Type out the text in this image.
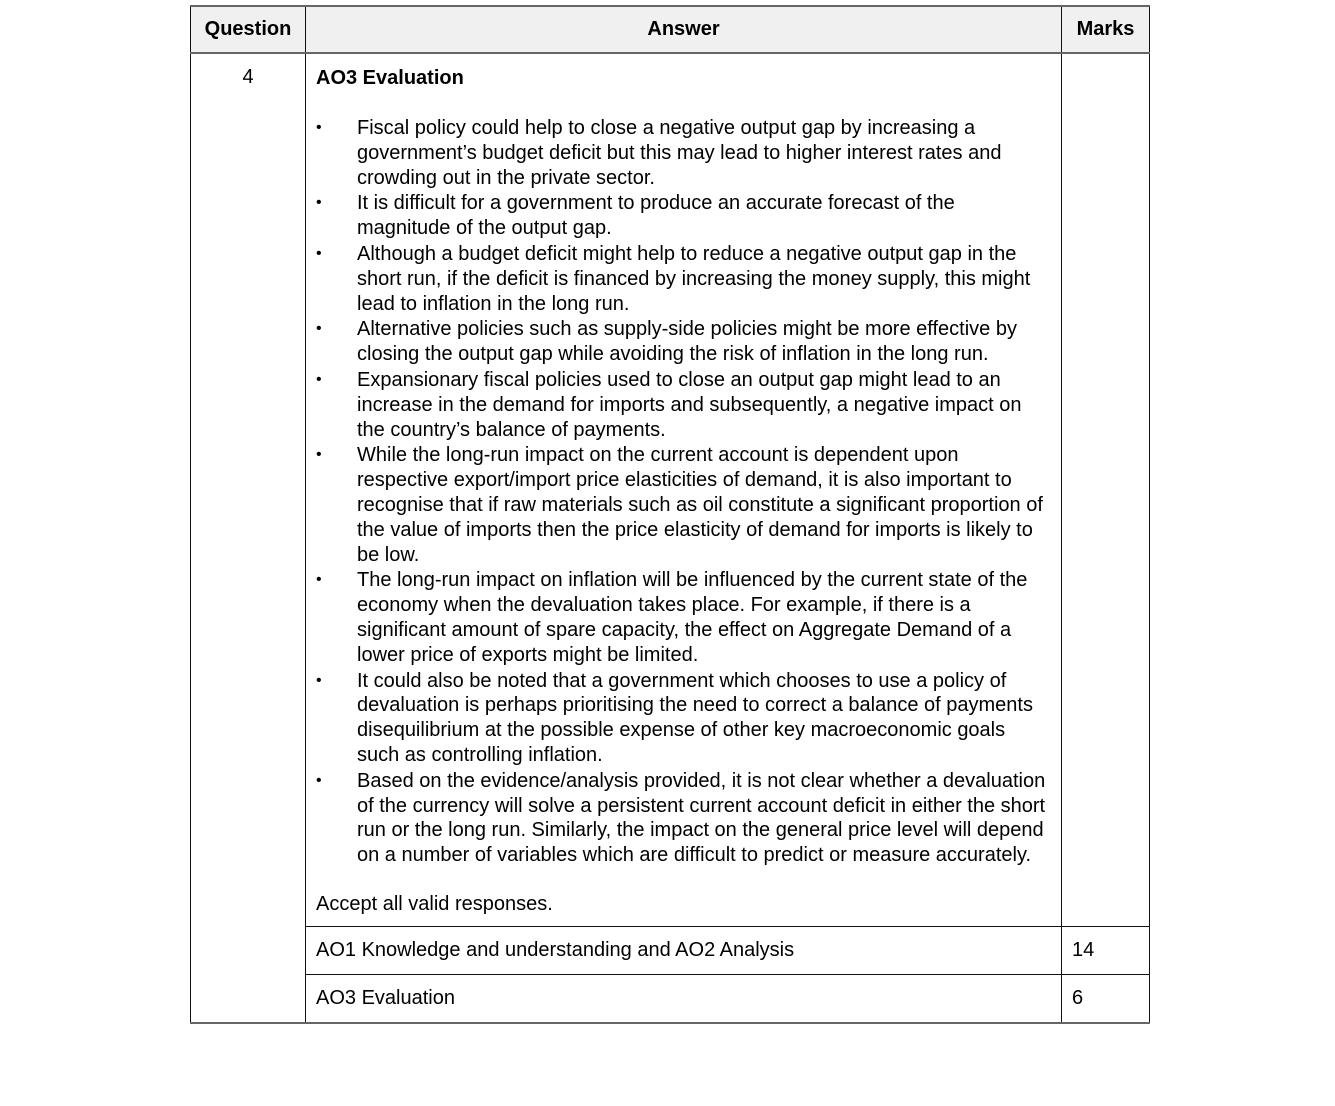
Question	Answer	Marks
4	AO3 Evaluation
•	Fiscal policy could help to close a negative output gap by increasing a government’s budget deficit but this may lead to higher interest rates and crowding out in the private sector.
•	It is difficult for a government to produce an accurate forecast of the magnitude of the output gap.
•	Although a budget deficit might help to reduce a negative output gap in the short run, if the deficit is financed by increasing the money supply, this might lead to inflation in the long run.
•	Alternative policies such as supply-side policies might be more effective by closing the output gap while avoiding the risk of inflation in the long run.
•	Expansionary fiscal policies used to close an output gap might lead to an increase in the demand for imports and subsequently, a negative impact on the country’s balance of payments.
•	While the long-run impact on the current account is dependent upon respective export/import price elasticities of demand, it is also important to recognise that if raw materials such as oil constitute a significant proportion of the value of imports then the price elasticity of demand for imports is likely to be low.
•	The long-run impact on inflation will be influenced by the current state of the economy when the devaluation takes place. For example, if there is a significant amount of spare capacity, the effect on Aggregate Demand of a lower price of exports might be limited.
•	It could also be noted that a government which chooses to use a policy of devaluation is perhaps prioritising the need to correct a balance of payments disequilibrium at the possible expense of other key macroeconomic goals such as controlling inflation.
•	Based on the evidence/analysis provided, it is not clear whether a devaluation of the currency will solve a persistent current account deficit in either the short run or the long run. Similarly, the impact on the general price level will depend on a number of variables which are difficult to predict or measure accurately.
Accept all valid responses.

	AO1 Knowledge and understanding and AO2 Analysis	14
	AO3 Evaluation	6
